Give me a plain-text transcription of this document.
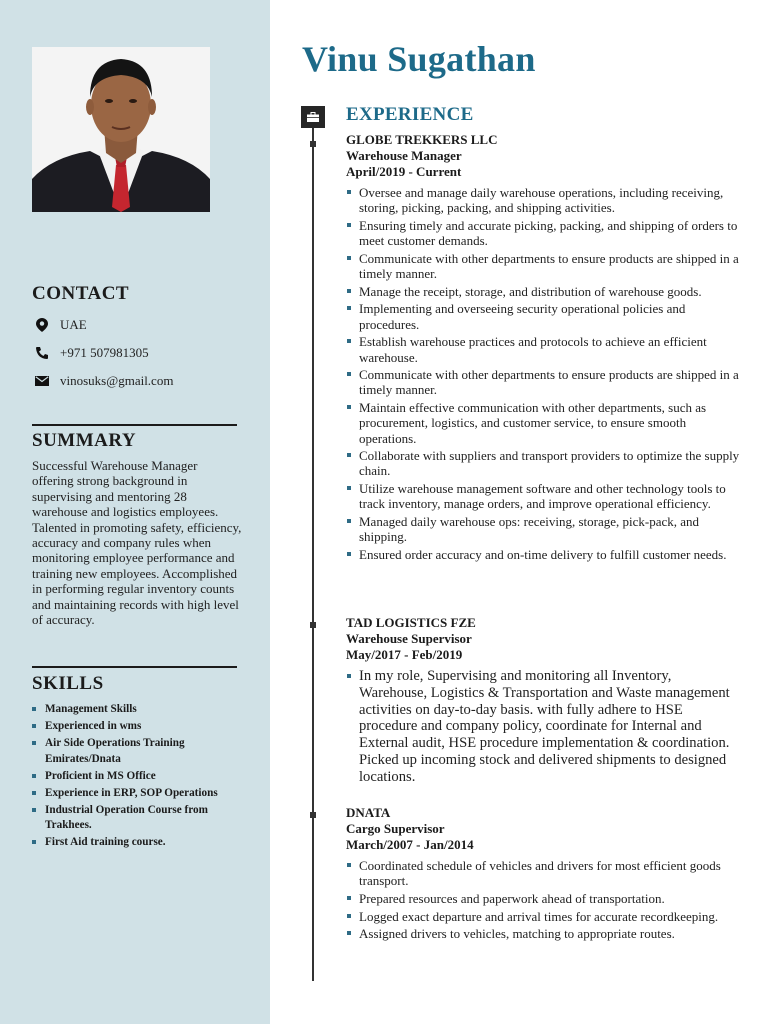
CONTACT
UAE
+971 507981305
vinosuks@gmail.com
SUMMARY
Successful Warehouse Manager offering strong background in supervising and mentoring 28 warehouse and logistics employees. Talented in promoting safety, efficiency, accuracy and company rules when monitoring employee performance and training new employees. Accomplished in performing regular inventory counts and maintaining records with high level of accuracy.
SKILLS
Management Skills
Experienced in wms
Air Side Operations Training Emirates/Dnata
Proficient in MS Office
Experience in ERP, SOP Operations
Industrial Operation Course from Trakhees.
First Aid training course.
Vinu Sugathan
EXPERIENCE
GLOBE TREKKERS LLC
Warehouse Manager
April/2019 - Current
Oversee and manage daily warehouse operations, including receiving, storing, picking, packing, and shipping activities.
Ensuring timely and accurate picking, packing, and shipping of orders to meet customer demands.
Communicate with other departments to ensure products are shipped in a timely manner.
Manage the receipt, storage, and distribution of warehouse goods.
Implementing and overseeing security operational policies and procedures.
Establish warehouse practices and protocols to achieve an efficient warehouse.
Communicate with other departments to ensure products are shipped in a timely manner.
Maintain effective communication with other departments, such as procurement, logistics, and customer service, to ensure smooth operations.
Collaborate with suppliers and transport providers to optimize the supply chain.
Utilize warehouse management software and other technology tools to track inventory, manage orders, and improve operational efficiency.
Managed daily warehouse ops: receiving, storage, pick-pack, and shipping.
Ensured order accuracy and on-time delivery to fulfill customer needs.
TAD LOGISTICS FZE
Warehouse Supervisor
May/2017 - Feb/2019
In my role, Supervising and monitoring all Inventory, Warehouse, Logistics & Transportation and Waste management activities on day-to-day basis. with fully adhere to HSE procedure and company policy, coordinate for Internal and External audit, HSE procedure implementation & coordination. Picked up incoming stock and delivered shipments to designed locations.
DNATA
Cargo Supervisor
March/2007 - Jan/2014
Coordinated schedule of vehicles and drivers for most efficient goods transport.
Prepared resources and paperwork ahead of transportation.
Logged exact departure and arrival times for accurate recordkeeping.
Assigned drivers to vehicles, matching to appropriate routes.
